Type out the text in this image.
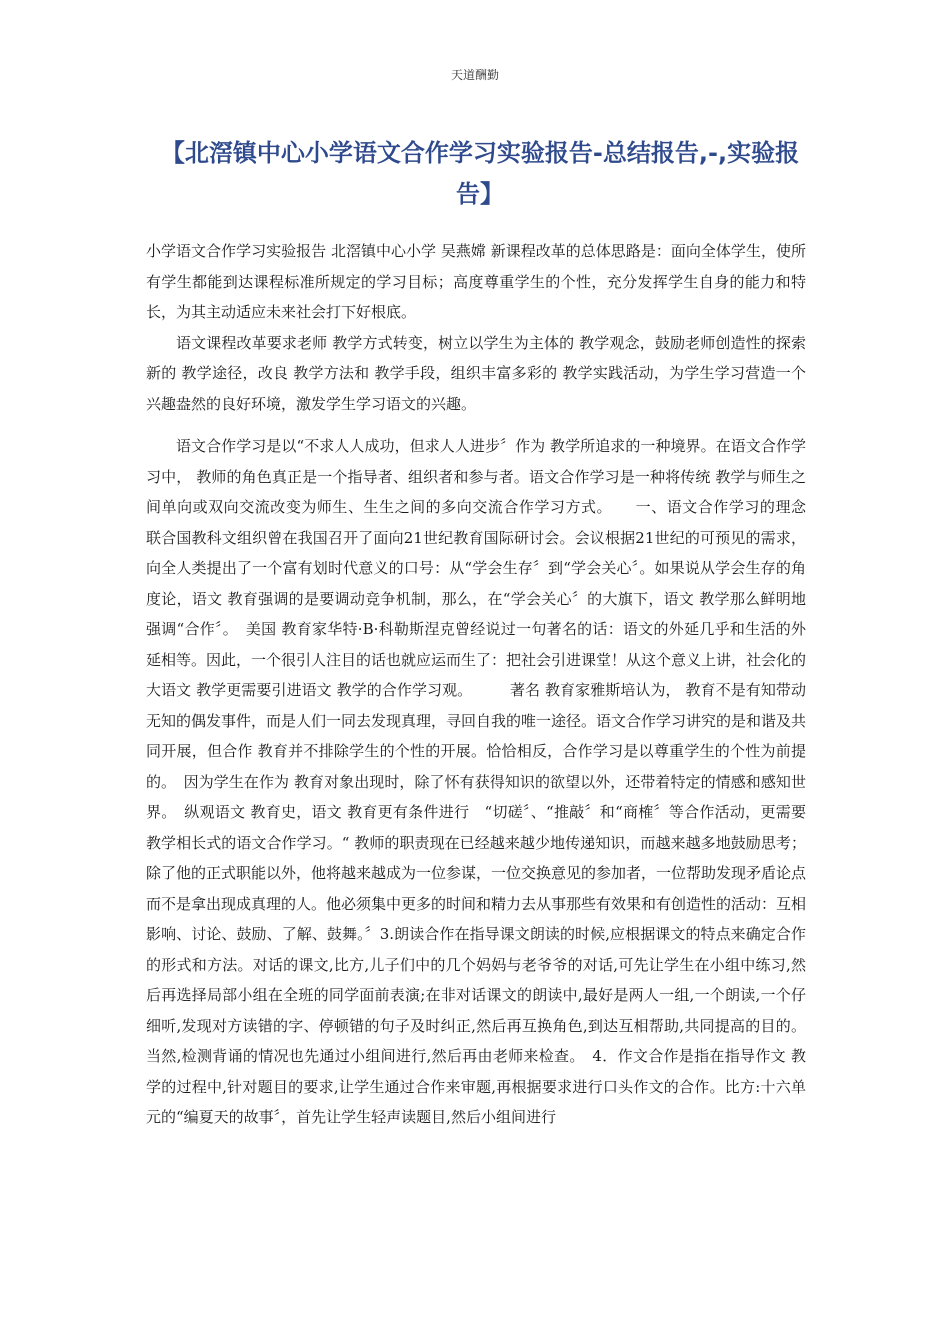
天道酬勤
【北滘镇中心小学语文合作学习实验报告-总结报告,-,实验报告】

小学语文合作学习实验报告 北滘镇中心小学 吴燕嫦 新课程改革的总体思路是：面向全体学生，使所有学生都能到达课程标准所规定的学习目标；高度尊重学生的个性，充分发挥学生自身的能力和特长，为其主动适应未来社会打下好根底。

语文课程改革要求老师 教学方式转变，树立以学生为主体的 教学观念，鼓励老师创造性的探索新的 教学途径，改良 教学方法和 教学手段，组织丰富多彩的 教学实践活动，为学生学习营造一个兴趣盎然的良好环境，激发学生学习语文的兴趣。

语文合作学习是以“不求人人成功，但求人人进步〞作为 教学所追求的一种境界。在语文合作学习中， 教师的角色真正是一个指导者、组织者和参与者。语文合作学习是一种将传统 教学与师生之间单向或双向交流改变为师生、生生之间的多向交流合作学习方式。　　一、语文合作学习的理念　　　联合国教科文组织曾在我国召开了面向21世纪教育国际研讨会。会议根据21世纪的可预见的需求，向全人类提出了一个富有划时代意义的口号：从“学会生存〞到“学会关心〞。如果说从学会生存的角度论，语文 教育强调的是要调动竞争机制，那么，在“学会关心〞的大旗下，语文 教学那么鲜明地强调“合作〞。　美国 教育家华特·B·科勒斯涅克曾经说过一句著名的话：语文的外延几乎和生活的外延相等。因此，一个很引人注目的话也就应运而生了：把社会引进课堂！从这个意义上讲，社会化的大语文 教学更需要引进语文 教学的合作学习观。　　　著名 教育家雅斯培认为， 教育不是有知带动无知的偶发事件，而是人们一同去发现真理，寻回自我的唯一途径。语文合作学习讲究的是和谐及共同开展，但合作 教育并不排除学生的个性的开展。恰恰相反，合作学习是以尊重学生的个性为前提的。　因为学生在作为 教育对象出现时，除了怀有获得知识的欲望以外，还带着特定的情感和感知世界。　纵观语文 教育史，语文 教育更有条件进行　“切磋〞、“推敲〞和“商榷〞等合作活动，更需要 教学相长式的语文合作学习。“ 教师的职责现在已经越来越少地传递知识，而越来越多地鼓励思考；除了他的正式职能以外，他将越来越成为一位参谋，一位交换意见的参加者，一位帮助发现矛盾论点而不是拿出现成真理的人。他必须集中更多的时间和精力去从事那些有效果和有创造性的活动：互相影响、讨论、鼓励、了解、鼓舞。〞3.朗读合作在指导课文朗读的时候,应根据课文的特点来确定合作的形式和方法。对话的课文,比方,儿子们中的几个妈妈与老爷爷的对话,可先让学生在小组中练习,然后再选择局部小组在全班的同学面前表演;在非对话课文的朗读中,最好是两人一组,一个朗读,一个仔细听,发现对方读错的字、停顿错的句子及时纠正,然后再互换角色,到达互相帮助,共同提高的目的。当然,检测背诵的情况也先通过小组间进行,然后再由老师来检查。　4．作文合作是指在指导作文 教学的过程中,针对题目的要求,让学生通过合作来审题,再根据要求进行口头作文的合作。比方:十六单元的“编夏天的故事〞，首先让学生轻声读题目,然后小组间进行
